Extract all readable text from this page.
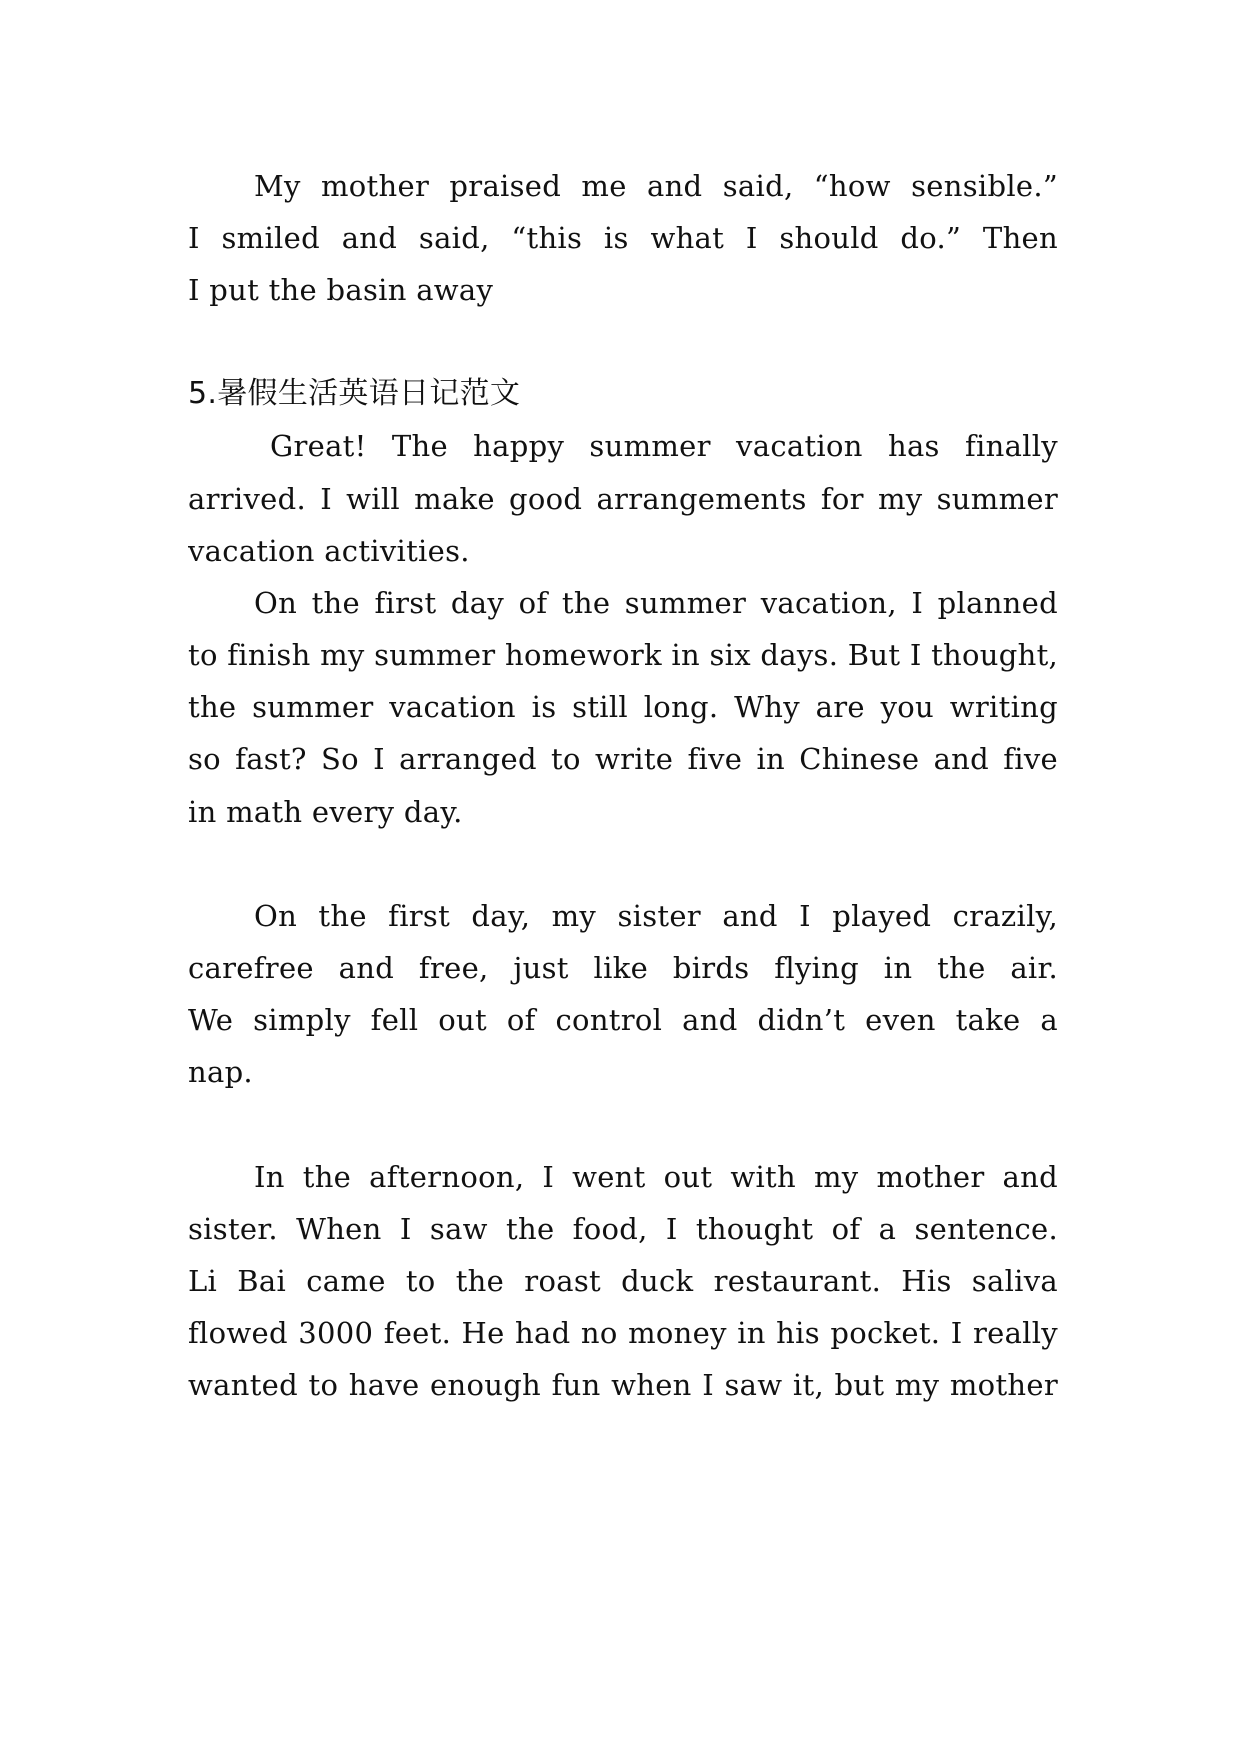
My mother praised me and said, “how sensible.”
I smiled and said, “this is what I should do.” Then
I put the basin away
5.暑假生活英语日记范文
Great! The happy summer vacation has finally
arrived. I will make good arrangements for my summer
vacation activities.
On the first day of the summer vacation, I planned
to finish my summer homework in six days. But I thought,
the summer vacation is still long. Why are you writing
so fast? So I arranged to write five in Chinese and five
in math every day.
On the first day, my sister and I played crazily,
carefree and free, just like birds flying in the air.
We simply fell out of control and didn’t even take a
nap.
In the afternoon, I went out with my mother and
sister. When I saw the food, I thought of a sentence.
Li Bai came to the roast duck restaurant. His saliva
flowed 3000 feet. He had no money in his pocket. I really
wanted to have enough fun when I saw it, but my mother
